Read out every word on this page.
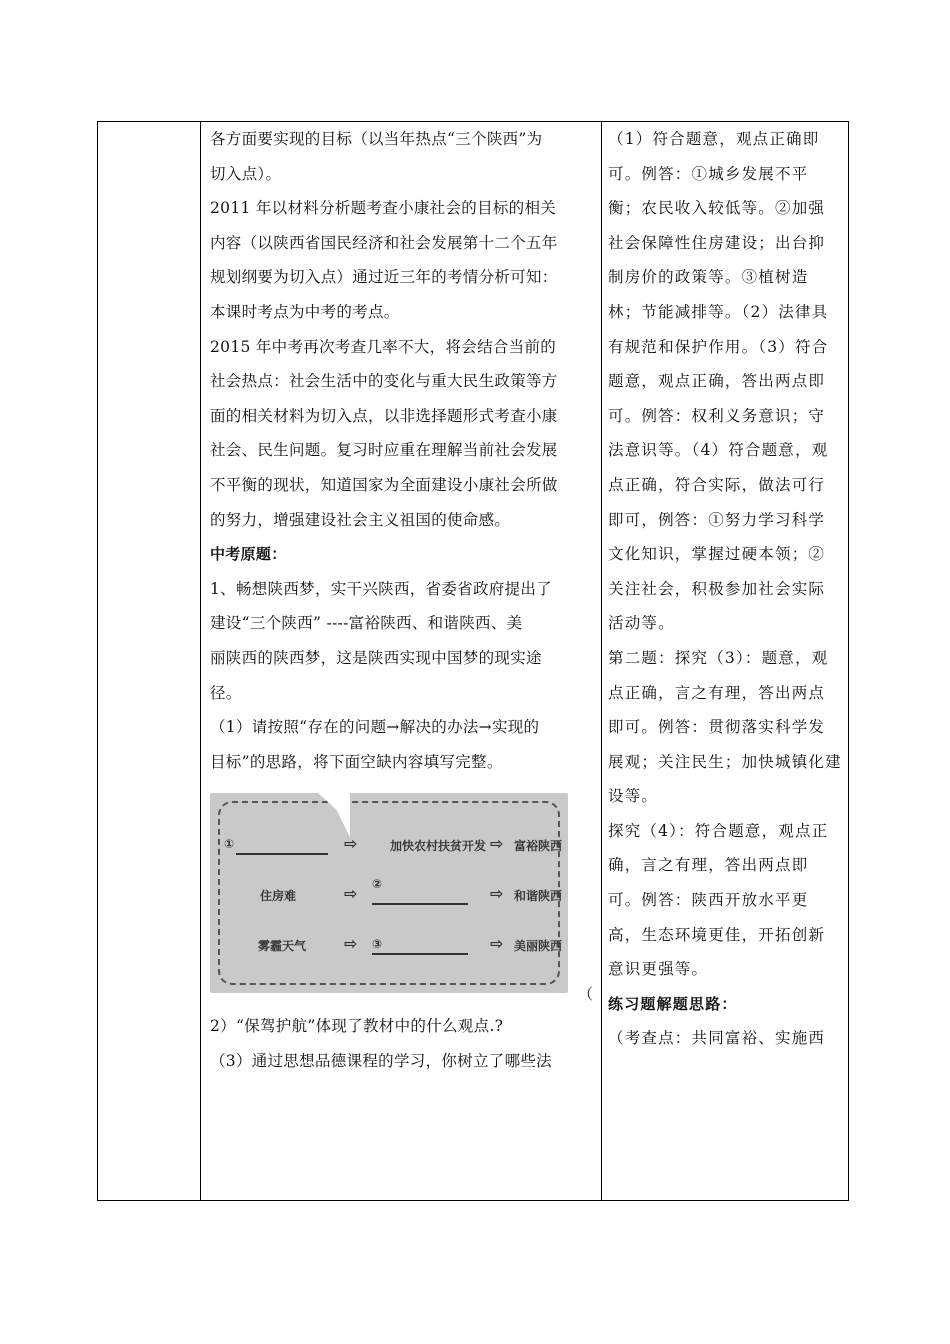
各方面要实现的目标（以当年热点“三个陕西”为
切入点）。
2011 年以材料分析题考查小康社会的目标的相关
内容（以陕西省国民经济和社会发展第十二个五年
规划纲要为切入点）通过近三年的考情分析可知：
本课时考点为中考的考点。
2015 年中考再次考查几率不大，将会结合当前的
社会热点：社会生活中的变化与重大民生政策等方
面的相关材料为切入点，以非选择题形式考查小康
社会、民生问题。复习时应重在理解当前社会发展
不平衡的现状，知道国家为全面建设小康社会所做
的努力，增强建设社会主义祖国的使命感。
中考原题：
1、畅想陕西梦，实干兴陕西，省委省政府提出了
建设“三个陕西” ----富裕陕西、和谐陕西、美
丽陕西的陕西梦，这是陕西实现中国梦的现实途
径。
（1）请按照“存在的问题→解决的办法→实现的
目标”的思路，将下面空缺内容填写完整。
①	⇨	加快农村扶贫开发 ⇨ 富裕陕西
住房难	⇨ ②	⇨ 和谐陕西
雾霾天气 ⇨ ③	⇨ 美丽陕西
（
2）“保驾护航”体现了教材中的什么观点.?
（3）通过思想品德课程的学习，你树立了哪些法
（1）符合题意，观点正确即
可。例答：①城乡发展不平
衡；农民收入较低等。②加强
社会保障性住房建设；出台抑
制房价的政策等。③植树造
林；节能减排等。（2）法律具
有规范和保护作用。（3）符合
题意，观点正确，答出两点即
可。例答：权利义务意识；守
法意识等。（4）符合题意，观
点正确，符合实际，做法可行
即可，例答：①努力学习科学
文化知识，掌握过硬本领；②
关注社会，积极参加社会实际
活动等。
第二题：探究（3）：题意，观
点正确，言之有理，答出两点
即可。例答：贯彻落实科学发
展观；关注民生；加快城镇化建
设等。
探究（4）：符合题意，观点正
确，言之有理，答出两点即
可。例答：陕西开放水平更
高，生态环境更佳，开拓创新
意识更强等。
练习题解题思路：
（考查点：共同富裕、实施西
